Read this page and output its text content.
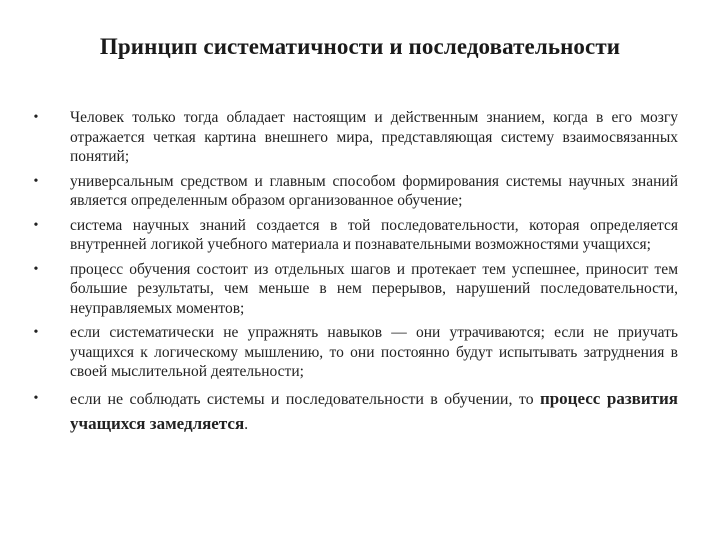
Принцип систематичности и последовательности
• Человек только тогда обладает настоящим и действенным знанием, когда в его мозгу отражается четкая картина внешнего мира, представляющая систему взаимосвязанных понятий;
• универсальным средством и главным способом формирования системы научных знаний является определенным образом организованное обучение;
• система научных знаний создается в той последовательности, которая определяется внутренней логикой учебного материала и познавательными возможностями учащихся;
• процесс обучения состоит из отдельных шагов и протекает тем успешнее, приносит тем большие результаты, чем меньше в нем перерывов, нарушений последовательности, неуправляемых моментов;
• если систематически не упражнять навыков — они утрачиваются; если не приучать учащихся к логическому мышлению, то они постоянно будут испытывать затруднения в своей мыслительной деятельности;
• если не соблюдать системы и последовательности в обучении, то процесс развития учащихся замедляется.
